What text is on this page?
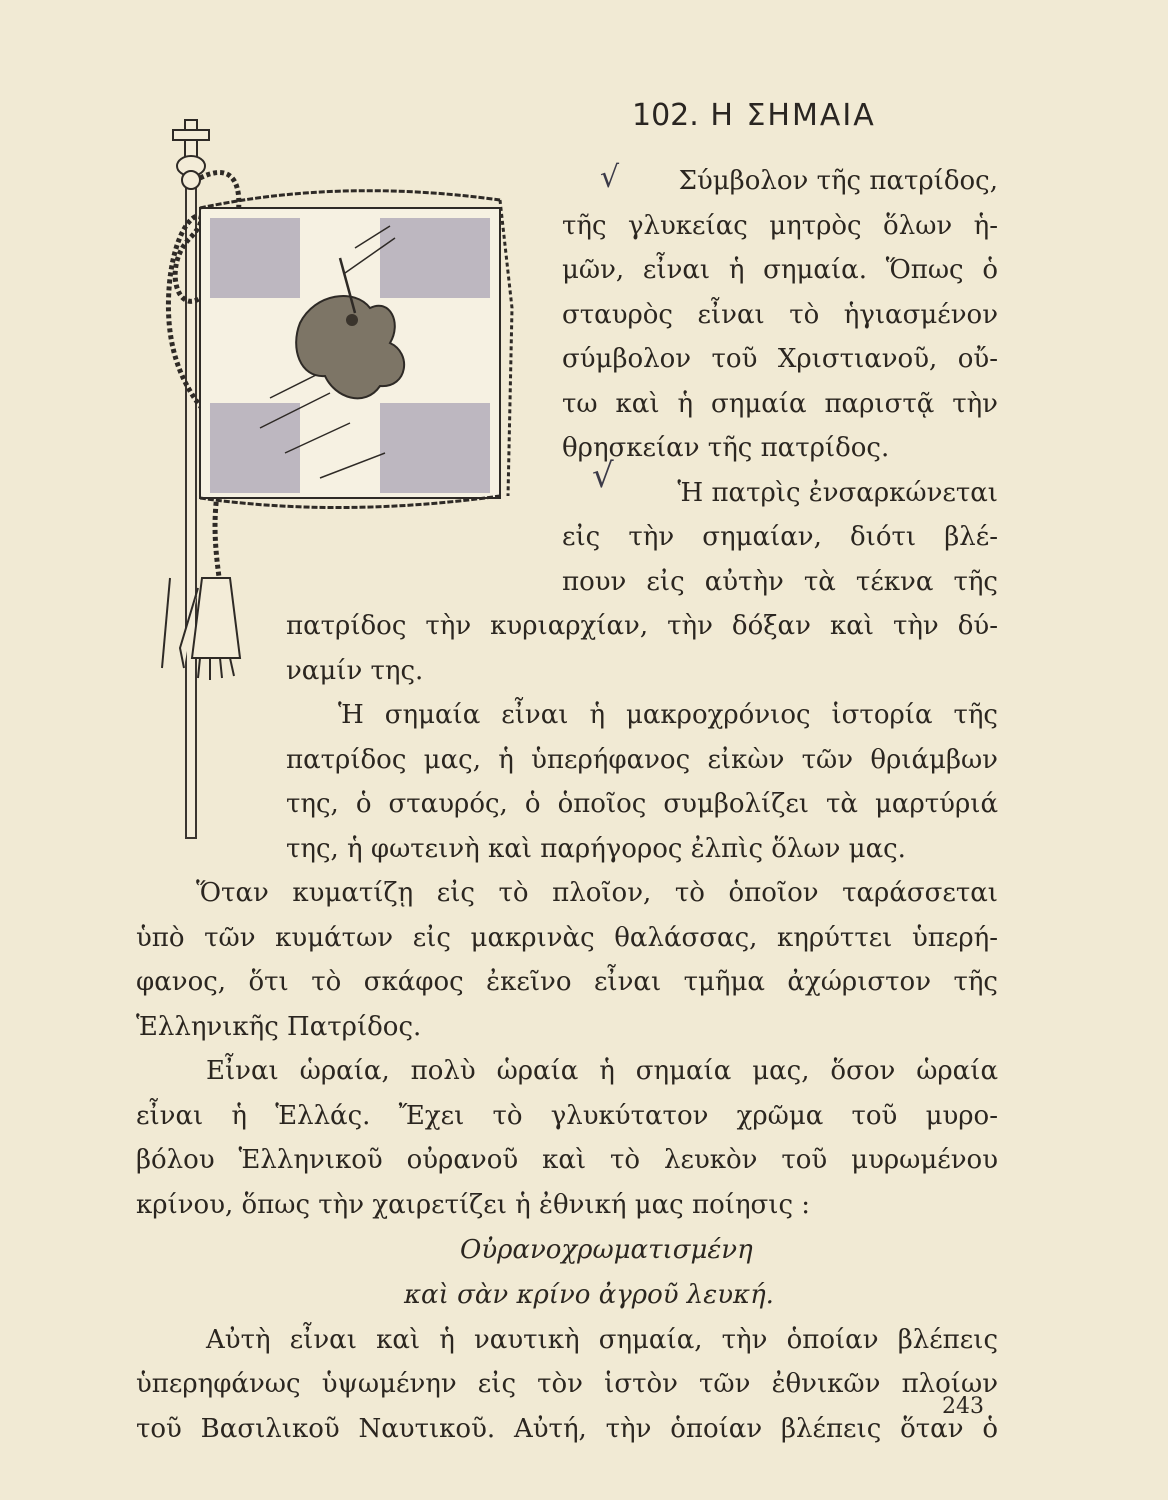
102. Η ΣΗΜΑΙΑ
√
√
Σύμβολον τῆς πατρίδος,
τῆς γλυκείας μητρὸς ὅλων ἡ-
μῶν, εἶναι ἡ σημαία. Ὅπως ὁ
σταυρὸς εἶναι τὸ ἡγιασμένον
σύμβολον τοῦ Χριστιανοῦ, οὔ-
τω καὶ ἡ σημαία παριστᾷ τὴν
θρησκείαν τῆς πατρίδος.
Ἡ πατρὶς ἐνσαρκώνεται
εἰς τὴν σημαίαν, διότι βλέ-
πουν εἰς αὐτὴν τὰ τέκνα τῆς
πατρίδος τὴν κυριαρχίαν, τὴν δόξαν καὶ τὴν δύ-
ναμίν της.
Ἡ σημαία εἶναι ἡ μακροχρόνιος ἱστορία τῆς
πατρίδος μας, ἡ ὑπερήφανος εἰκὼν τῶν θριάμβων
της, ὁ σταυρός, ὁ ὁποῖος συμβολίζει τὰ μαρτύριά
της, ἡ φωτεινὴ καὶ παρήγορος ἐλπὶς ὅλων μας.
Ὅταν κυματίζῃ εἰς τὸ πλοῖον, τὸ ὁποῖον ταράσσεται
ὑπὸ τῶν κυμάτων εἰς μακρινὰς θαλάσσας, κηρύττει ὑπερή-
φανος, ὅτι τὸ σκάφος ἐκεῖνο εἶναι τμῆμα ἀχώριστον τῆς
Ἑλληνικῆς Πατρίδος.
Εἶναι ὡραία, πολὺ ὡραία ἡ σημαία μας, ὅσον ὡραία
εἶναι ἡ Ἑλλάς. Ἔχει τὸ γλυκύτατον χρῶμα τοῦ μυρο-
βόλου Ἑλληνικοῦ οὐρανοῦ καὶ τὸ λευκὸν τοῦ μυρωμένου
κρίνου, ὅπως τὴν χαιρετίζει ἡ ἐθνική μας ποίησις :
Οὐρανοχρωματισμένη
καὶ σὰν κρίνο ἀγροῦ λευκή.
Αὐτὴ εἶναι καὶ ἡ ναυτικὴ σημαία, τὴν ὁποίαν βλέπεις
ὑπερηφάνως ὑψωμένην εἰς τὸν ἱστὸν τῶν ἐθνικῶν πλοίων
τοῦ Βασιλικοῦ Ναυτικοῦ. Αὐτή, τὴν ὁποίαν βλέπεις ὅταν ὁ
243
